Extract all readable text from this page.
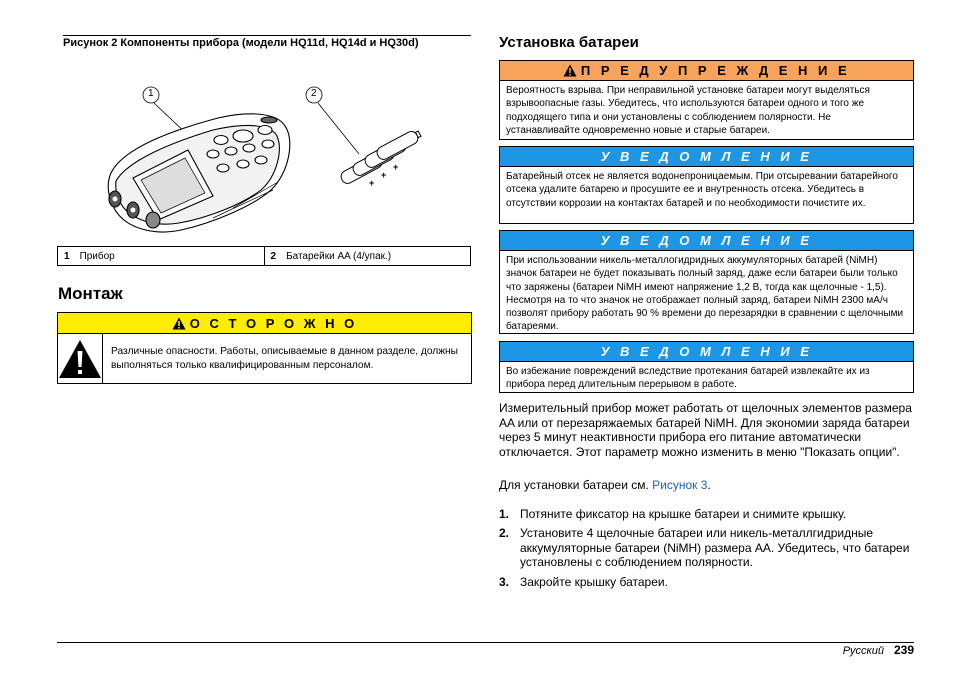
Рисунок 2 Компоненты прибора (модели HQ11d, HQ14d и HQ30d)
+
+
+
1	2
1 Прибор	2 Батарейки AA (4/упак.)
Монтаж
О С Т О Р О Ж Н О
Различные опасности. Работы, описываемые в данном разделе, должны выполняться только квалифицированным персоналом.
Установка батареи
П Р Е Д У П Р Е Ж Д Е Н И Е
Вероятность взрыва. При неправильной установке батареи могут выделяться взрывоопасные газы. Убедитесь, что используются батареи одного и того же подходящего типа и они установлены с соблюдением полярности. Не устанавливайте одновременно новые и старые батареи.
У В Е Д О М Л Е Н И Е
Батарейный отсек не является водонепроницаемым. При отсыревании батарейного отсека удалите батарею и просушите ее и внутренность отсека. Убедитесь в отсутствии коррозии на контактах батарей и по необходимости почистите их.
У В Е Д О М Л Е Н И Е
При использовании никель-металлогидридных аккумуляторных батарей (NiMH) значок батареи не будет показывать полный заряд, даже если батареи были только что заряжены (батареи NiMH имеют напряжение 1,2 В, тогда как щелочные - 1,5). Несмотря на то что значок не отображает полный заряд, батареи NiMH 2300 мА/ч позволят прибору работать 90 % времени до перезарядки в сравнении с щелочными батареями.
У В Е Д О М Л Е Н И Е
Во избежание повреждений вследствие протекания батарей извлекайте их из прибора перед длительным перерывом в работе.
Измерительный прибор может работать от щелочных элементов размера AA или от перезаряжаемых батарей NiMH. Для экономии заряда батареи через 5 минут неактивности прибора его питание автоматически отключается. Этот параметр можно изменить в меню "Показать опции".
Для установки батареи см. Рисунок 3.
1. Потяните фиксатор на крышке батареи и снимите крышку.
2. Установите 4 щелочные батареи или никель-металлгидридные аккумуляторные батареи (NiMH) размера AA. Убедитесь, что батареи установлены с соблюдением полярности.
3. Закройте крышку батареи.
Русский 239
